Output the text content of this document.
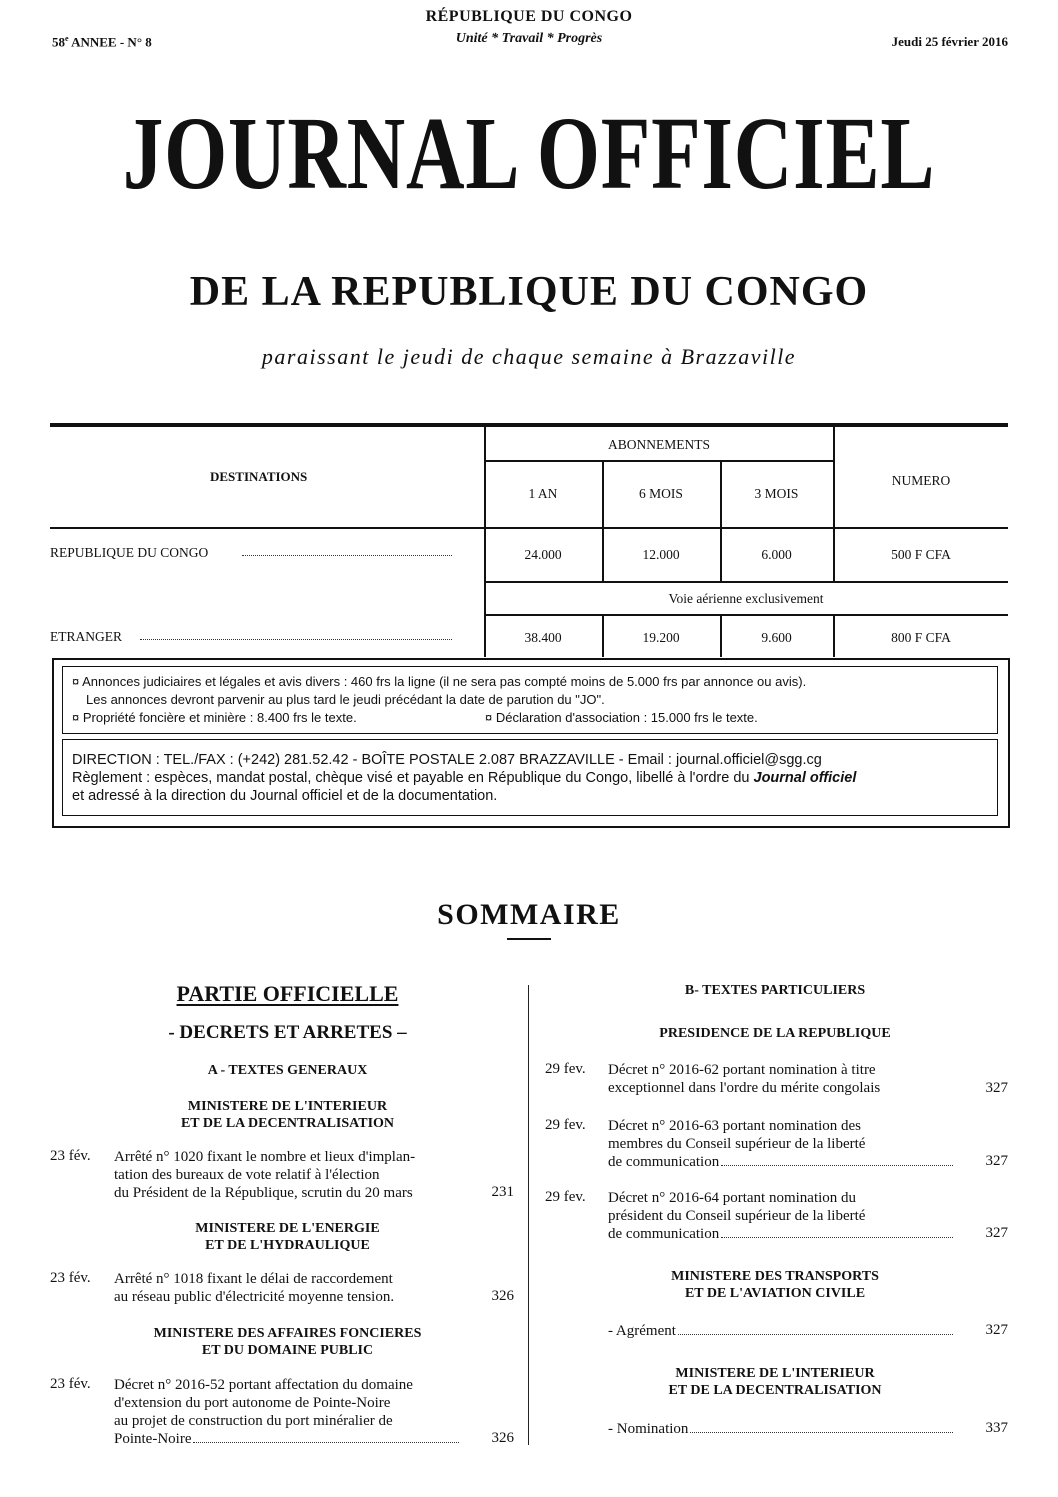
RÉPUBLIQUE DU CONGO
Unité * Travail * Progrès
58e ANNEE - N° 8	Jeudi 25 février 2016
JOURNAL OFFICIEL
DE LA REPUBLIQUE DU CONGO
paraissant le jeudi de chaque semaine à Brazzaville
DESTINATIONS
ABONNEMENTS
NUMERO
1 AN	6 MOIS	3 MOIS
REPUBLIQUE DU CONGO	24.000	12.000	6.000	500 F CFA
Voie aérienne exclusivement
ETRANGER	38.400	19.200	9.600	800 F CFA
¤ Annonces judiciaires et légales et avis divers : 460 frs la ligne (il ne sera pas compté moins de 5.000 frs par annonce ou avis).
Les annonces devront parvenir au plus tard le jeudi précédant la date de parution du "JO".
¤ Propriété foncière et minière : 8.400 frs le texte.	¤ Déclaration d'association : 15.000 frs le texte.
DIRECTION : TEL./FAX : (+242) 281.52.42 - BOÎTE POSTALE 2.087 BRAZZAVILLE - Email : journal.officiel@sgg.cg
Règlement : espèces, mandat postal, chèque visé et payable en République du Congo, libellé à l'ordre du Journal officiel
et adressé à la direction du Journal officiel et de la documentation.
SOMMAIRE
PARTIE OFFICIELLE
- DECRETS ET ARRETES –
A - TEXTES GENERAUX
MINISTERE DE L'INTERIEUR
ET DE LA DECENTRALISATION
23 fév. Arrêté n° 1020 fixant le nombre et lieux d'implan-
tation des bureaux de vote relatif à l'élection
du Président de la République, scrutin du 20 mars	231
MINISTERE DE L'ENERGIE
ET DE L'HYDRAULIQUE
23 fév. Arrêté n° 1018 fixant le délai de raccordement
au réseau public d'électricité moyenne tension.	326
MINISTERE DES AFFAIRES FONCIERES
ET DU DOMAINE PUBLIC
23 fév. Décret n° 2016-52 portant affectation du domaine
d'extension du port autonome de Pointe-Noire
au projet de construction du port minéralier de
Pointe-Noire	326
B- TEXTES PARTICULIERS
PRESIDENCE DE LA REPUBLIQUE
29 fev. Décret n° 2016-62 portant nomination à titre
exceptionnel dans l'ordre du mérite congolais	327
29 fev. Décret n° 2016-63 portant nomination des
membres du Conseil supérieur de la liberté
de communication	327
29 fev. Décret n° 2016-64 portant nomination du
président du Conseil supérieur de la liberté
de communication	327
MINISTERE DES TRANSPORTS
ET DE L'AVIATION CIVILE
- Agrément	327
MINISTERE DE L'INTERIEUR
ET DE LA DECENTRALISATION
- Nomination	337
